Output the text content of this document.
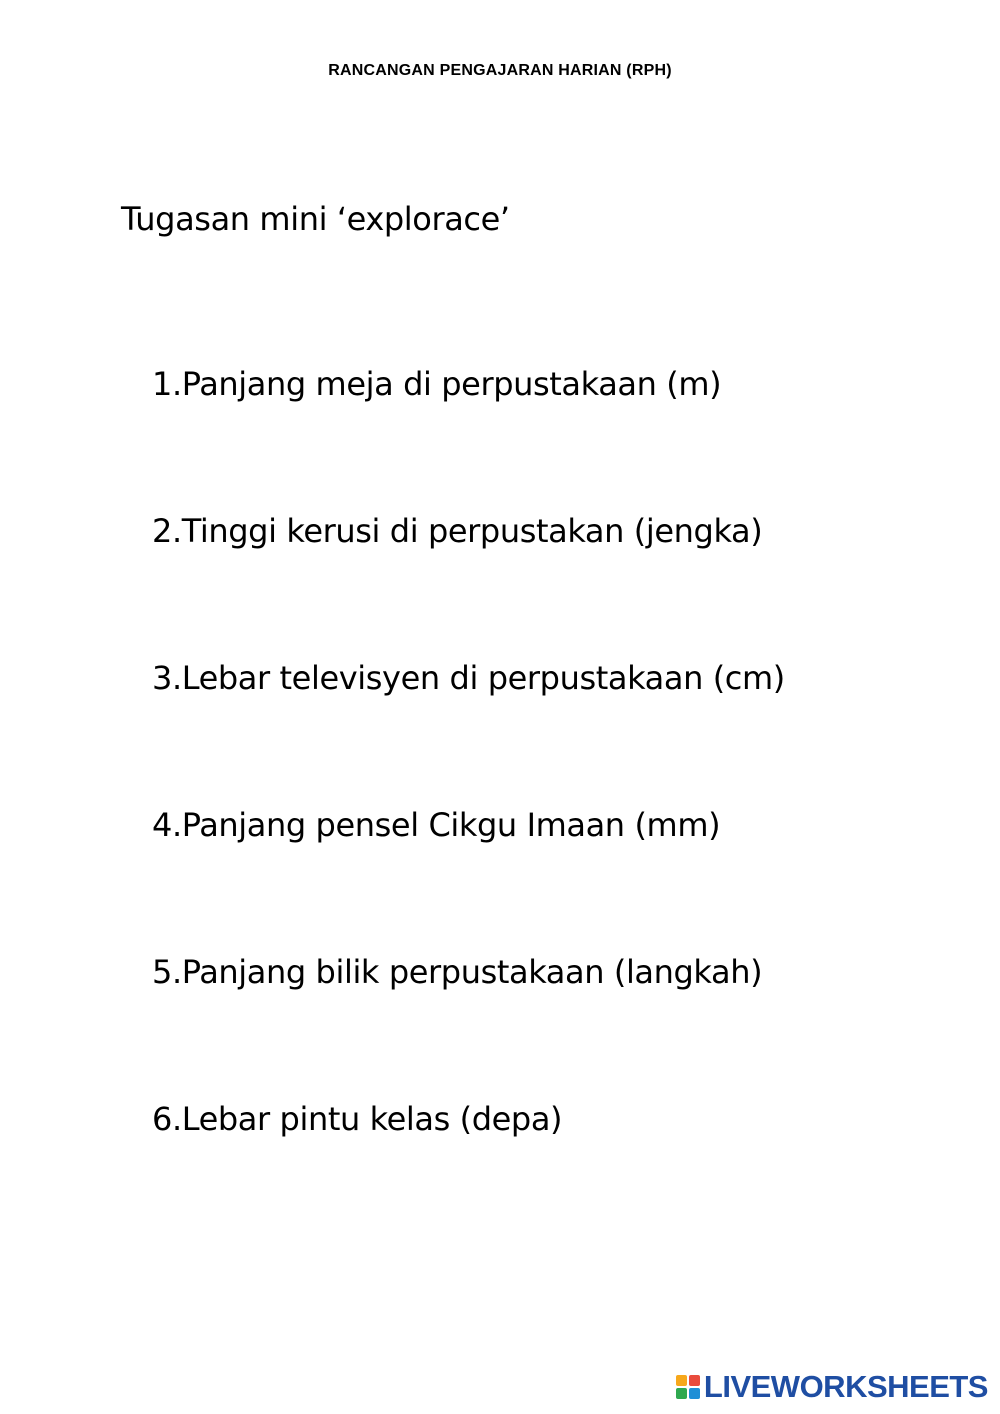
RANCANGAN PENGAJARAN HARIAN (RPH)
Tugasan mini ‘explorace’
1.Panjang meja di perpustakaan (m)
2.Tinggi kerusi di perpustakan (jengka)
3.Lebar televisyen di perpustakaan (cm)
4.Panjang pensel Cikgu Imaan (mm)
5.Panjang bilik perpustakaan (langkah)
6.Lebar pintu kelas (depa)
LIVEWORKSHEETS
